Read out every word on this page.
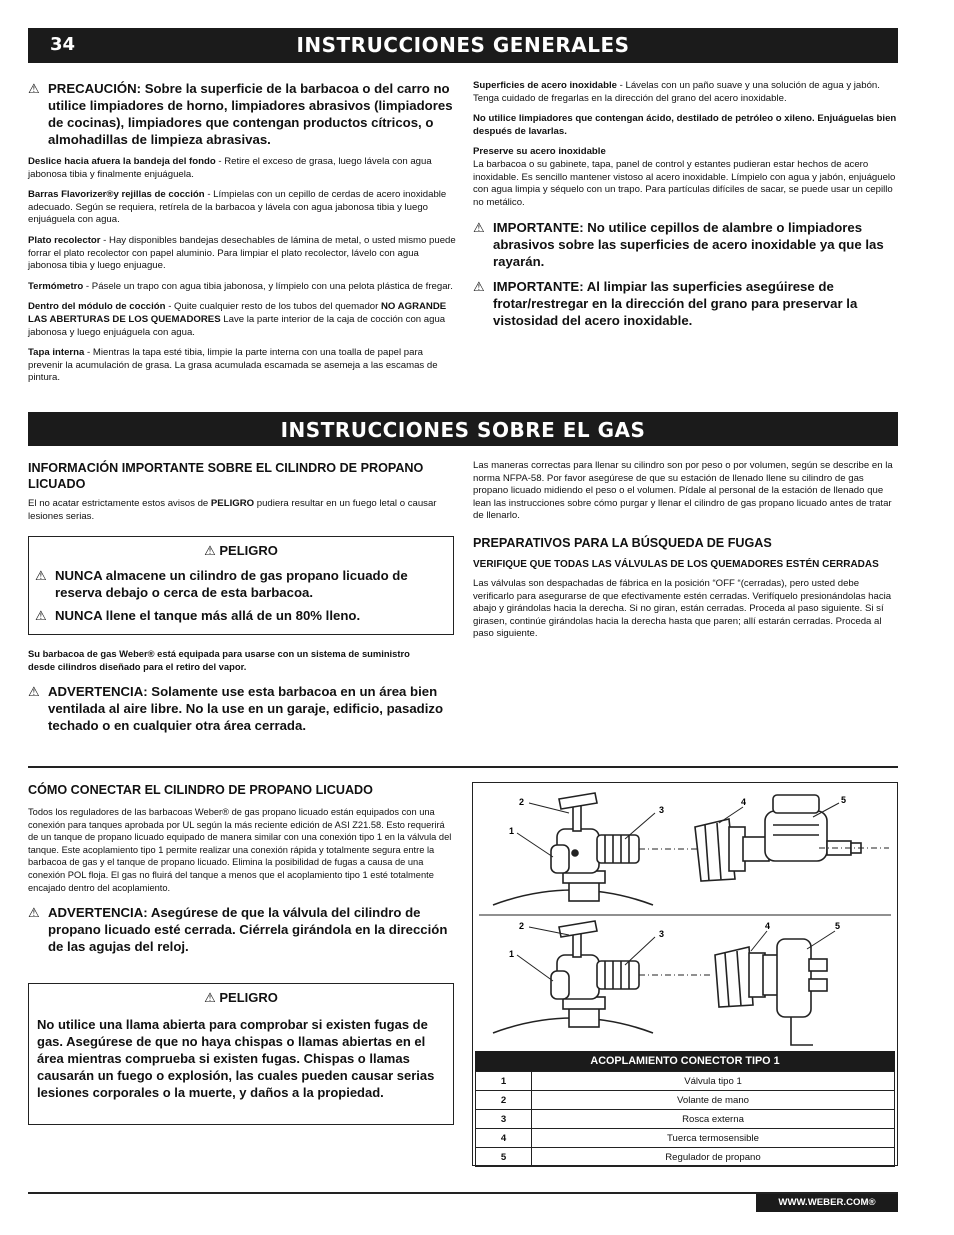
34	INSTRUCCIONES GENERALES
⚠ PRECAUCIÓN: Sobre la superficie de la barbacoa o del carro no utilice limpiadores de horno, limpiadores abrasivos (limpiadores de cocinas), limpiadores que contengan productos cítricos, o almohadillas de limpieza abrasivas.

Deslice hacia afuera la bandeja del fondo - Retire el exceso de grasa, luego lávela con agua jabonosa tibia y finalmente enjuáguela.

Barras Flavorizer®y rejillas de cocción - Límpielas con un cepillo de cerdas de acero inoxidable adecuado. Según se requiera, retírela de la barbacoa y lávela con agua jabonosa tibia y luego enjuáguela con agua.

Plato recolector - Hay disponibles bandejas desechables de lámina de metal, o usted mismo puede forrar el plato recolector con papel aluminio. Para limpiar el plato recolector, lávelo con agua jabonosa tibia y luego enjuague.

Termómetro - Pásele un trapo con agua tibia jabonosa, y límpielo con una pelota plástica de fregar.

Dentro del módulo de cocción - Quite cualquier resto de los tubos del quemador NO AGRANDE LAS ABERTURAS DE LOS QUEMADORES Lave la parte interior de la caja de cocción con agua jabonosa y luego enjuáguela con agua.

Tapa interna - Mientras la tapa esté tibia, limpie la parte interna con una toalla de papel para prevenir la acumulación de grasa. La grasa acumulada escamada se asemeja a las escamas de pintura.

Superficies de acero inoxidable - Lávelas con un paño suave y una solución de agua y jabón. Tenga cuidado de fregarlas en la dirección del grano del acero inoxidable.

No utilice limpiadores que contengan ácido, destilado de petróleo o xileno. Enjuáguelas bien después de lavarlas.

Preserve su acero inoxidable

La barbacoa o su gabinete, tapa, panel de control y estantes pudieran estar hechos de acero inoxidable. Es sencillo mantener vistoso al acero inoxidable. Límpielo con agua y jabón, enjuáguelo con agua limpia y séquelo con un trapo. Para partículas difíciles de sacar, se puede usar un cepillo no metálico.

⚠ IMPORTANTE: No utilice cepillos de alambre o limpiadores abrasivos sobre las superficies de acero inoxidable ya que las rayarán.
⚠ IMPORTANTE: Al limpiar las superficies asegúirese de frotar/restregar en la dirección del grano para preservar la vistosidad del acero inoxidable.
INSTRUCCIONES SOBRE EL GAS
INFORMACIÓN IMPORTANTE SOBRE EL CILINDRO DE PROPANO LICUADO

El no acatar estrictamente estos avisos de PELIGRO pudiera resultar en un fuego letal o causar lesiones serias.

⚠ PELIGRO
⚠ NUNCA almacene un cilindro de gas propano licuado de reserva debajo o cerca de esta barbacoa.
⚠ NUNCA llene el tanque más allá de un 80% lleno.

Su barbacoa de gas Weber® está equipada para usarse con un sistema de suministro desde cilindros diseñado para el retiro del vapor.

⚠ ADVERTENCIA: Solamente use esta barbacoa en un área bien ventilada al aire libre. No la use en un garaje, edificio, pasadizo techado o en cualquier otra área cerrada.

Las maneras correctas para llenar su cilindro son por peso o por volumen, según se describe en la norma NFPA-58. Por favor asegúrese de que su estación de llenado llene su cilindro de gas propano licuado midiendo el peso o el volumen. Pídale al personal de la estación de llenado que lean las instrucciones sobre cómo purgar y llenar el cilindro de gas propano licuado antes de tratar de llenarlo.

PREPARATIVOS PARA LA BÚSQUEDA DE FUGAS
VERIFIQUE QUE TODAS LAS VÁLVULAS DE LOS QUEMADORES ESTÉN CERRADAS

Las válvulas son despachadas de fábrica en la posición “OFF “(cerradas), pero usted debe verificarlo para asegurarse de que efectivamente estén cerradas. Verifíquelo presionándolas hacia abajo y girándolas hacia la derecha. Si no giran, están cerradas. Proceda al paso siguiente. Si sí girasen, continúe girándolas hacia la derecha hasta que paren; allí estarán cerradas. Proceda al paso siguiente.

CÓMO CONECTAR EL CILINDRO DE PROPANO LICUADO

Todos los reguladores de las barbacoas Weber® de gas propano licuado están equipados con una conexión para tanques aprobada por UL según la más reciente edición de ASI Z21.58. Esto requerirá de un tanque de propano licuado equipado de manera similar con una conexión tipo 1 en la válvula del tanque. Este acoplamiento tipo 1 permite realizar una conexión rápida y totalmente segura entre la barbacoa de gas y el tanque de propano licuado. Elimina la posibilidad de fugas a causa de una conexión POL floja. El gas no fluirá del tanque a menos que el acoplamiento tipo 1 esté totalmente encajado dentro del acoplamiento.

⚠ ADVERTENCIA: Asegúrese de que la válvula del cilindro de propano licuado esté cerrada. Ciérrela girándola en la dirección de las agujas del reloj.
⚠ PELIGRO

No utilice una llama abierta para comprobar si existen fugas de gas. Asegúrese de que no haya chispas o llamas abiertas en el área mientras comprueba si existen fugas. Chispas o llamas causarán un fuego o explosión, las cuales pueden causar serias lesiones corporales o la muerte, y daños a la propiedad.

2
1
3
4	5
2
1
3
4	5
ACOPLAMIENTO CONECTOR TIPO 1
1	Válvula tipo 1
2	Volante de mano
3	Rosca externa
4	Tuerca termosensible
5	Regulador de propano
WWW.WEBER.COM®
